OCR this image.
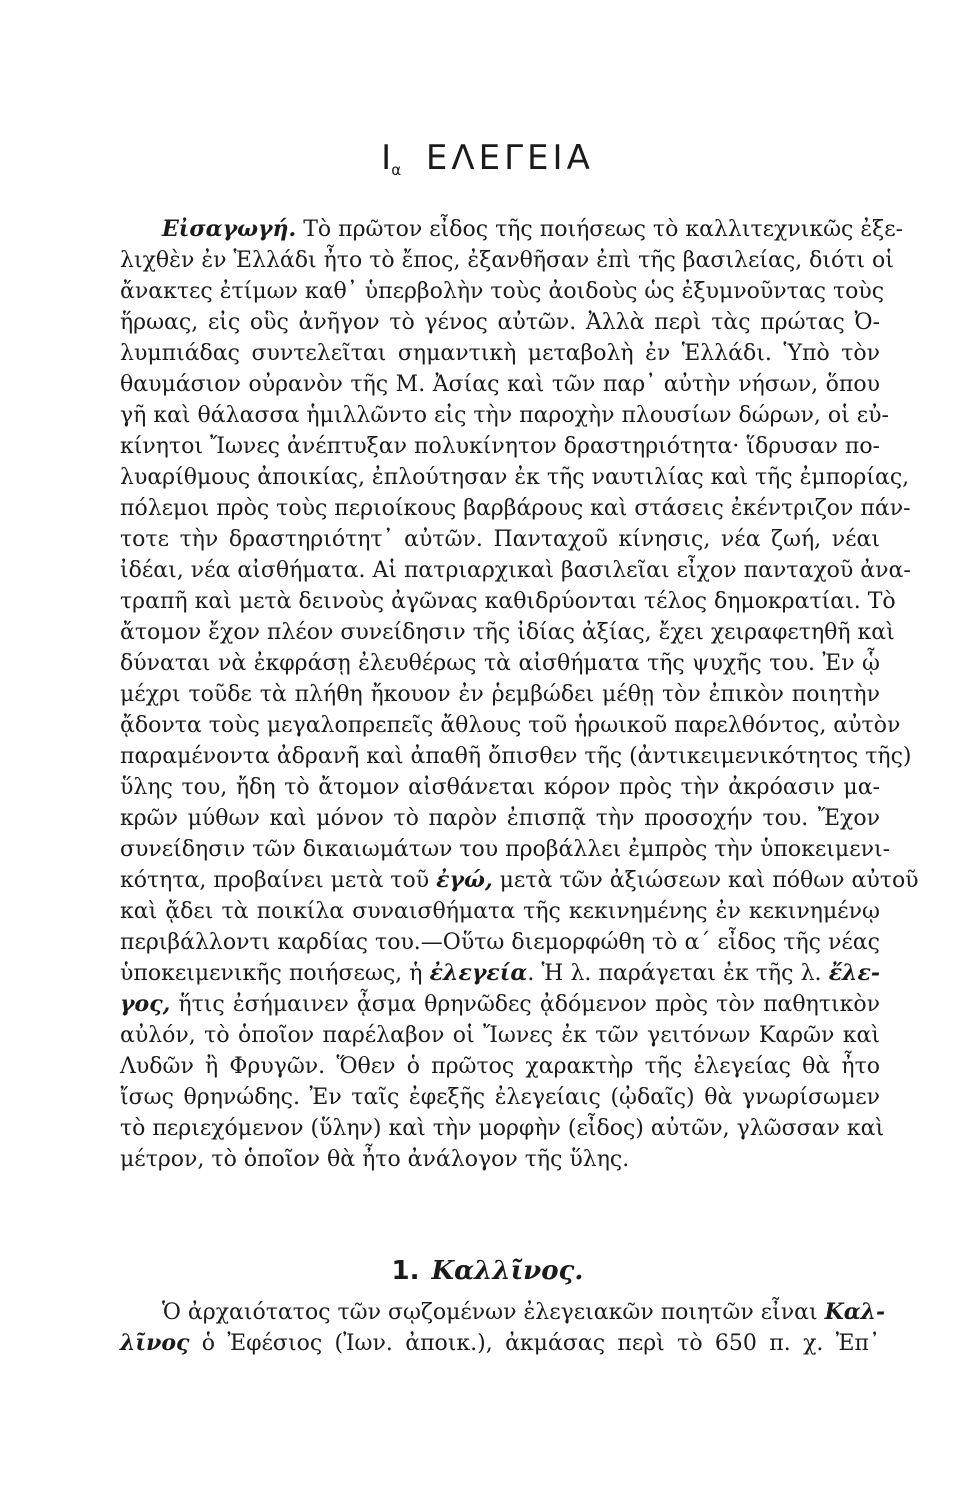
$I_\alpha$ ΕΛΕΓΕΙΑ
Εἰσαγωγή. Τὸ πρῶτον εἶδος τῆς ποιήσεως τὸ καλλιτεχνικῶς ἐξε-
λιχθὲν ἐν Ἑλλάδι ἦτο τὸ ἔπος, ἐξανθῆσαν ἐπὶ τῆς βασιλείας, διότι οἱ
ἄνακτες ἐτίμων καθ᾽ ὑπερβολὴν τοὺς ἀοιδοὺς ὡς ἐξυμνοῦντας τοὺς
ἥρωας, εἰς οὓς ἀνῆγον τὸ γένος αὐτῶν. Ἀλλὰ περὶ τὰς πρώτας Ὀ-
λυμπιάδας συντελεῖται σημαντικὴ μεταβολὴ ἐν Ἑλλάδι. Ὑπὸ τὸν
θαυμάσιον οὐρανὸν τῆς Μ. Ἀσίας καὶ τῶν παρ᾽ αὐτὴν νήσων, ὅπου
γῆ καὶ θάλασσα ἡμιλλῶντο εἰς τὴν παροχὴν πλουσίων δώρων, οἱ εὐ-
κίνητοι Ἴωνες ἀνέπτυξαν πολυκίνητον δραστηριότητα· ἵδρυσαν πο-
λυαρίθμους ἀποικίας, ἐπλούτησαν ἐκ τῆς ναυτιλίας καὶ τῆς ἐμπορίας,
πόλεμοι πρὸς τοὺς περιοίκους βαρβάρους καὶ στάσεις ἐκέντριζον πάν-
τοτε τὴν δραστηριότητ᾽ αὐτῶν. Πανταχοῦ κίνησις, νέα ζωή, νέαι
ἰδέαι, νέα αἰσθήματα. Αἱ πατριαρχικαὶ βασιλεῖαι εἶχον πανταχοῦ ἀνα-
τραπῆ καὶ μετὰ δεινοὺς ἀγῶνας καθιδρύονται τέλος δημοκρατίαι. Τὸ
ἄτομον ἔχον πλέον συνείδησιν τῆς ἰδίας ἀξίας, ἔχει χειραφετηθῆ καὶ
δύναται νὰ ἐκφράσῃ ἐλευθέρως τὰ αἰσθήματα τῆς ψυχῆς του. Ἐν ᾧ
μέχρι τοῦδε τὰ πλήθη ἤκουον ἐν ῥεμβώδει μέθῃ τὸν ἐπικὸν ποιητὴν
ᾄδοντα τοὺς μεγαλοπρεπεῖς ἄθλους τοῦ ἡρωικοῦ παρελθόντος, αὐτὸν
παραμένοντα ἀδρανῆ καὶ ἀπαθῆ ὄπισθεν τῆς (ἀντικειμενικότητος τῆς)
ὕλης του, ἤδη τὸ ἄτομον αἰσθάνεται κόρον πρὸς τὴν ἀκρόασιν μα-
κρῶν μύθων καὶ μόνον τὸ παρὸν ἐπισπᾷ τὴν προσοχήν του. Ἔχον
συνείδησιν τῶν δικαιωμάτων του προβάλλει ἐμπρὸς τὴν ὑποκειμενι-
κότητα, προβαίνει μετὰ τοῦ ἐγώ, μετὰ τῶν ἀξιώσεων καὶ πόθων αὐτοῦ
καὶ ᾄδει τὰ ποικίλα συναισθήματα τῆς κεκινημένης ἐν κεκινημένῳ
περιβάλλοντι καρδίας του.—Οὕτω διεμορφώθη τὸ α΄ εἶδος τῆς νέας
ὑποκειμενικῆς ποιήσεως, ἡ ἐλεγεία. Ἡ λ. παράγεται ἐκ τῆς λ. ἔλε-
γος, ἥτις ἐσήμαινεν ᾆσμα θρηνῶδες ᾀδόμενον πρὸς τὸν παθητικὸν
αὐλόν, τὸ ὁποῖον παρέλαβον οἱ Ἴωνες ἐκ τῶν γειτόνων Καρῶν καὶ
Λυδῶν ἢ Φρυγῶν. Ὅθεν ὁ πρῶτος χαρακτὴρ τῆς ἐλεγείας θὰ ἦτο
ἴσως θρηνώδης. Ἐν ταῖς ἐφεξῆς ἐλεγείαις (ᾠδαῖς) θὰ γνωρίσωμεν
τὸ περιεχόμενον (ὕλην) καὶ τὴν μορφὴν (εἶδος) αὐτῶν, γλῶσσαν καὶ
μέτρον, τὸ ὁποῖον θὰ ἦτο ἀνάλογον τῆς ὕλης.
1. Καλλῖνος.
Ὁ ἀρχαιότατος τῶν σῳζομένων ἐλεγειακῶν ποιητῶν εἶναι Καλ-
λῖνος ὁ Ἐφέσιος (Ἰων. ἀποικ.), ἀκμάσας περὶ τὸ 650 π. χ. Ἐπ᾽
